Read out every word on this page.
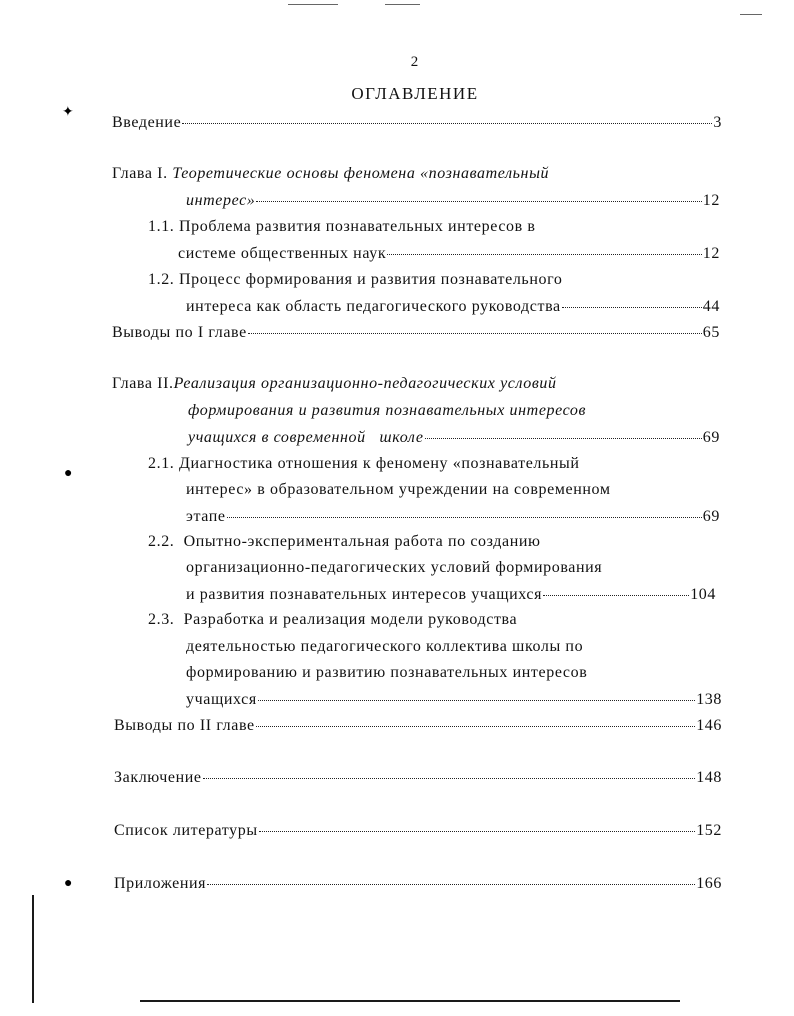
✦
●
●
2
ОГЛАВЛЕНИЕ
Введение	3
Глава I. Теоретические основы феномена «познавательный
интерес»	12
1.1. Проблема развития познавательных интересов в
системе общественных наук	12
1.2. Процесс формирования и развития познавательного
интереса как область педагогического руководства	44
Выводы по I главе	65
Глава II.Реализация организационно-педагогических условий
формирования и развития познавательных интересов
учащихся в современной   школе	69
2.1. Диагностика отношения к феномену «познавательный
интерес» в образовательном учреждении на современном
этапе	69
2.2.  Опытно-экспериментальная работа по созданию
организационно-педагогических условий формирования
и развития познавательных интересов учащихся	104
2.3.  Разработка и реализация модели руководства
деятельностью педагогического коллектива школы по
формированию и развитию познавательных интересов
учащихся	138
Выводы по II главе	146
Заключение	148
Список литературы	152
Приложения	166
